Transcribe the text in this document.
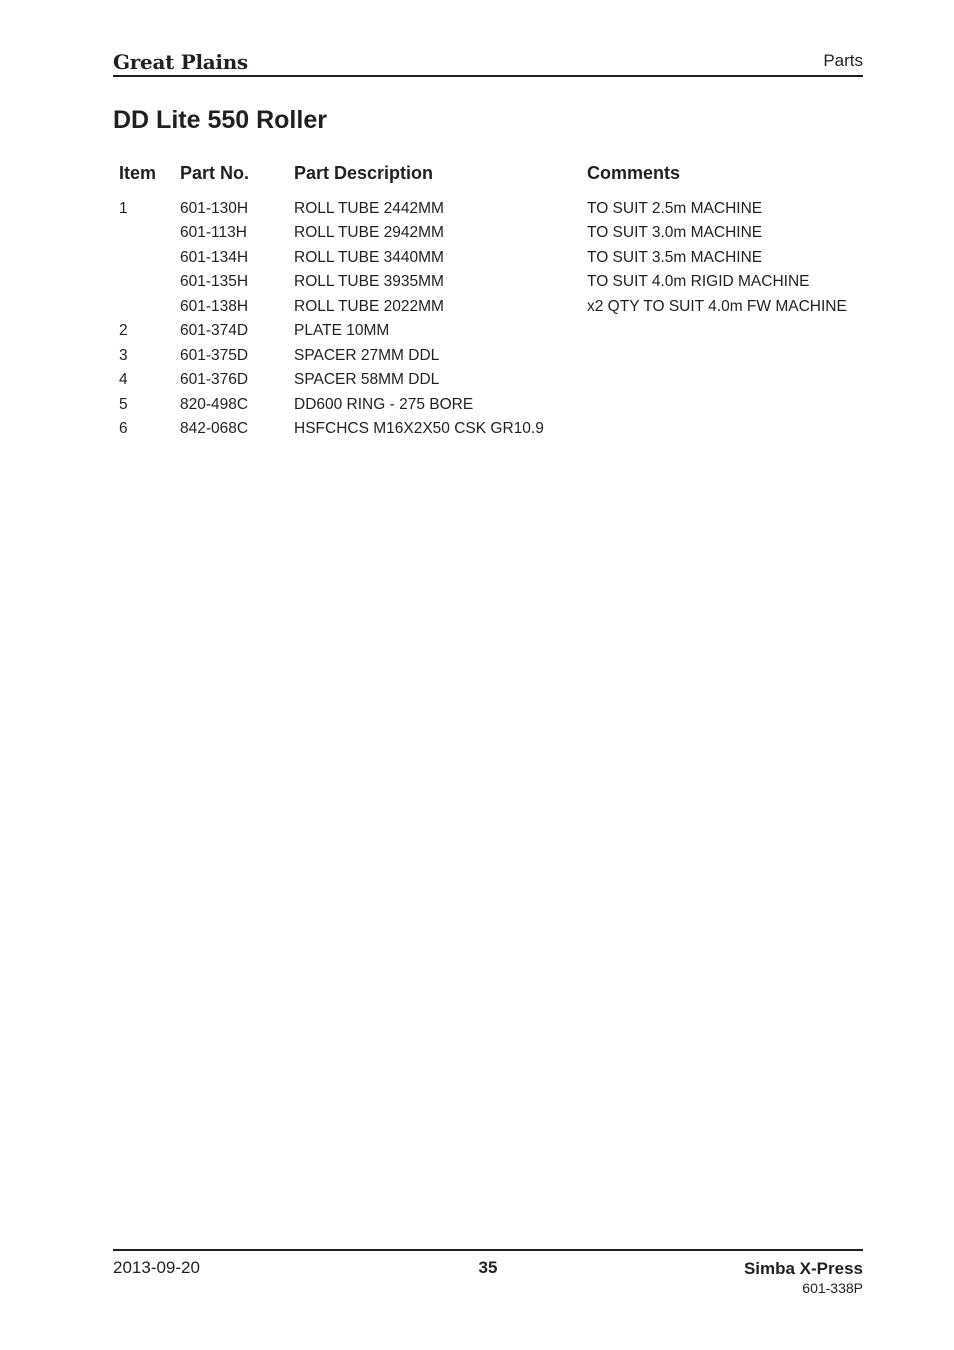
Great Plains	Parts
DD Lite 550 Roller
Item	Part No.	Part Description	Comments
1	601-130H	ROLL TUBE 2442MM	TO SUIT 2.5m MACHINE
	601-113H	ROLL TUBE 2942MM	TO SUIT 3.0m MACHINE
	601-134H	ROLL TUBE 3440MM	TO SUIT 3.5m MACHINE
	601-135H	ROLL TUBE 3935MM	TO SUIT 4.0m RIGID MACHINE
	601-138H	ROLL TUBE 2022MM	x2 QTY TO SUIT 4.0m FW MACHINE
2	601-374D	PLATE 10MM	
3	601-375D	SPACER 27MM DDL	
4	601-376D	SPACER 58MM DDL	
5	820-498C	DD600 RING - 275 BORE	
6	842-068C	HSFCHCS M16X2X50 CSK GR10.9	
2013-09-20	35	Simba X-Press
601-338P
